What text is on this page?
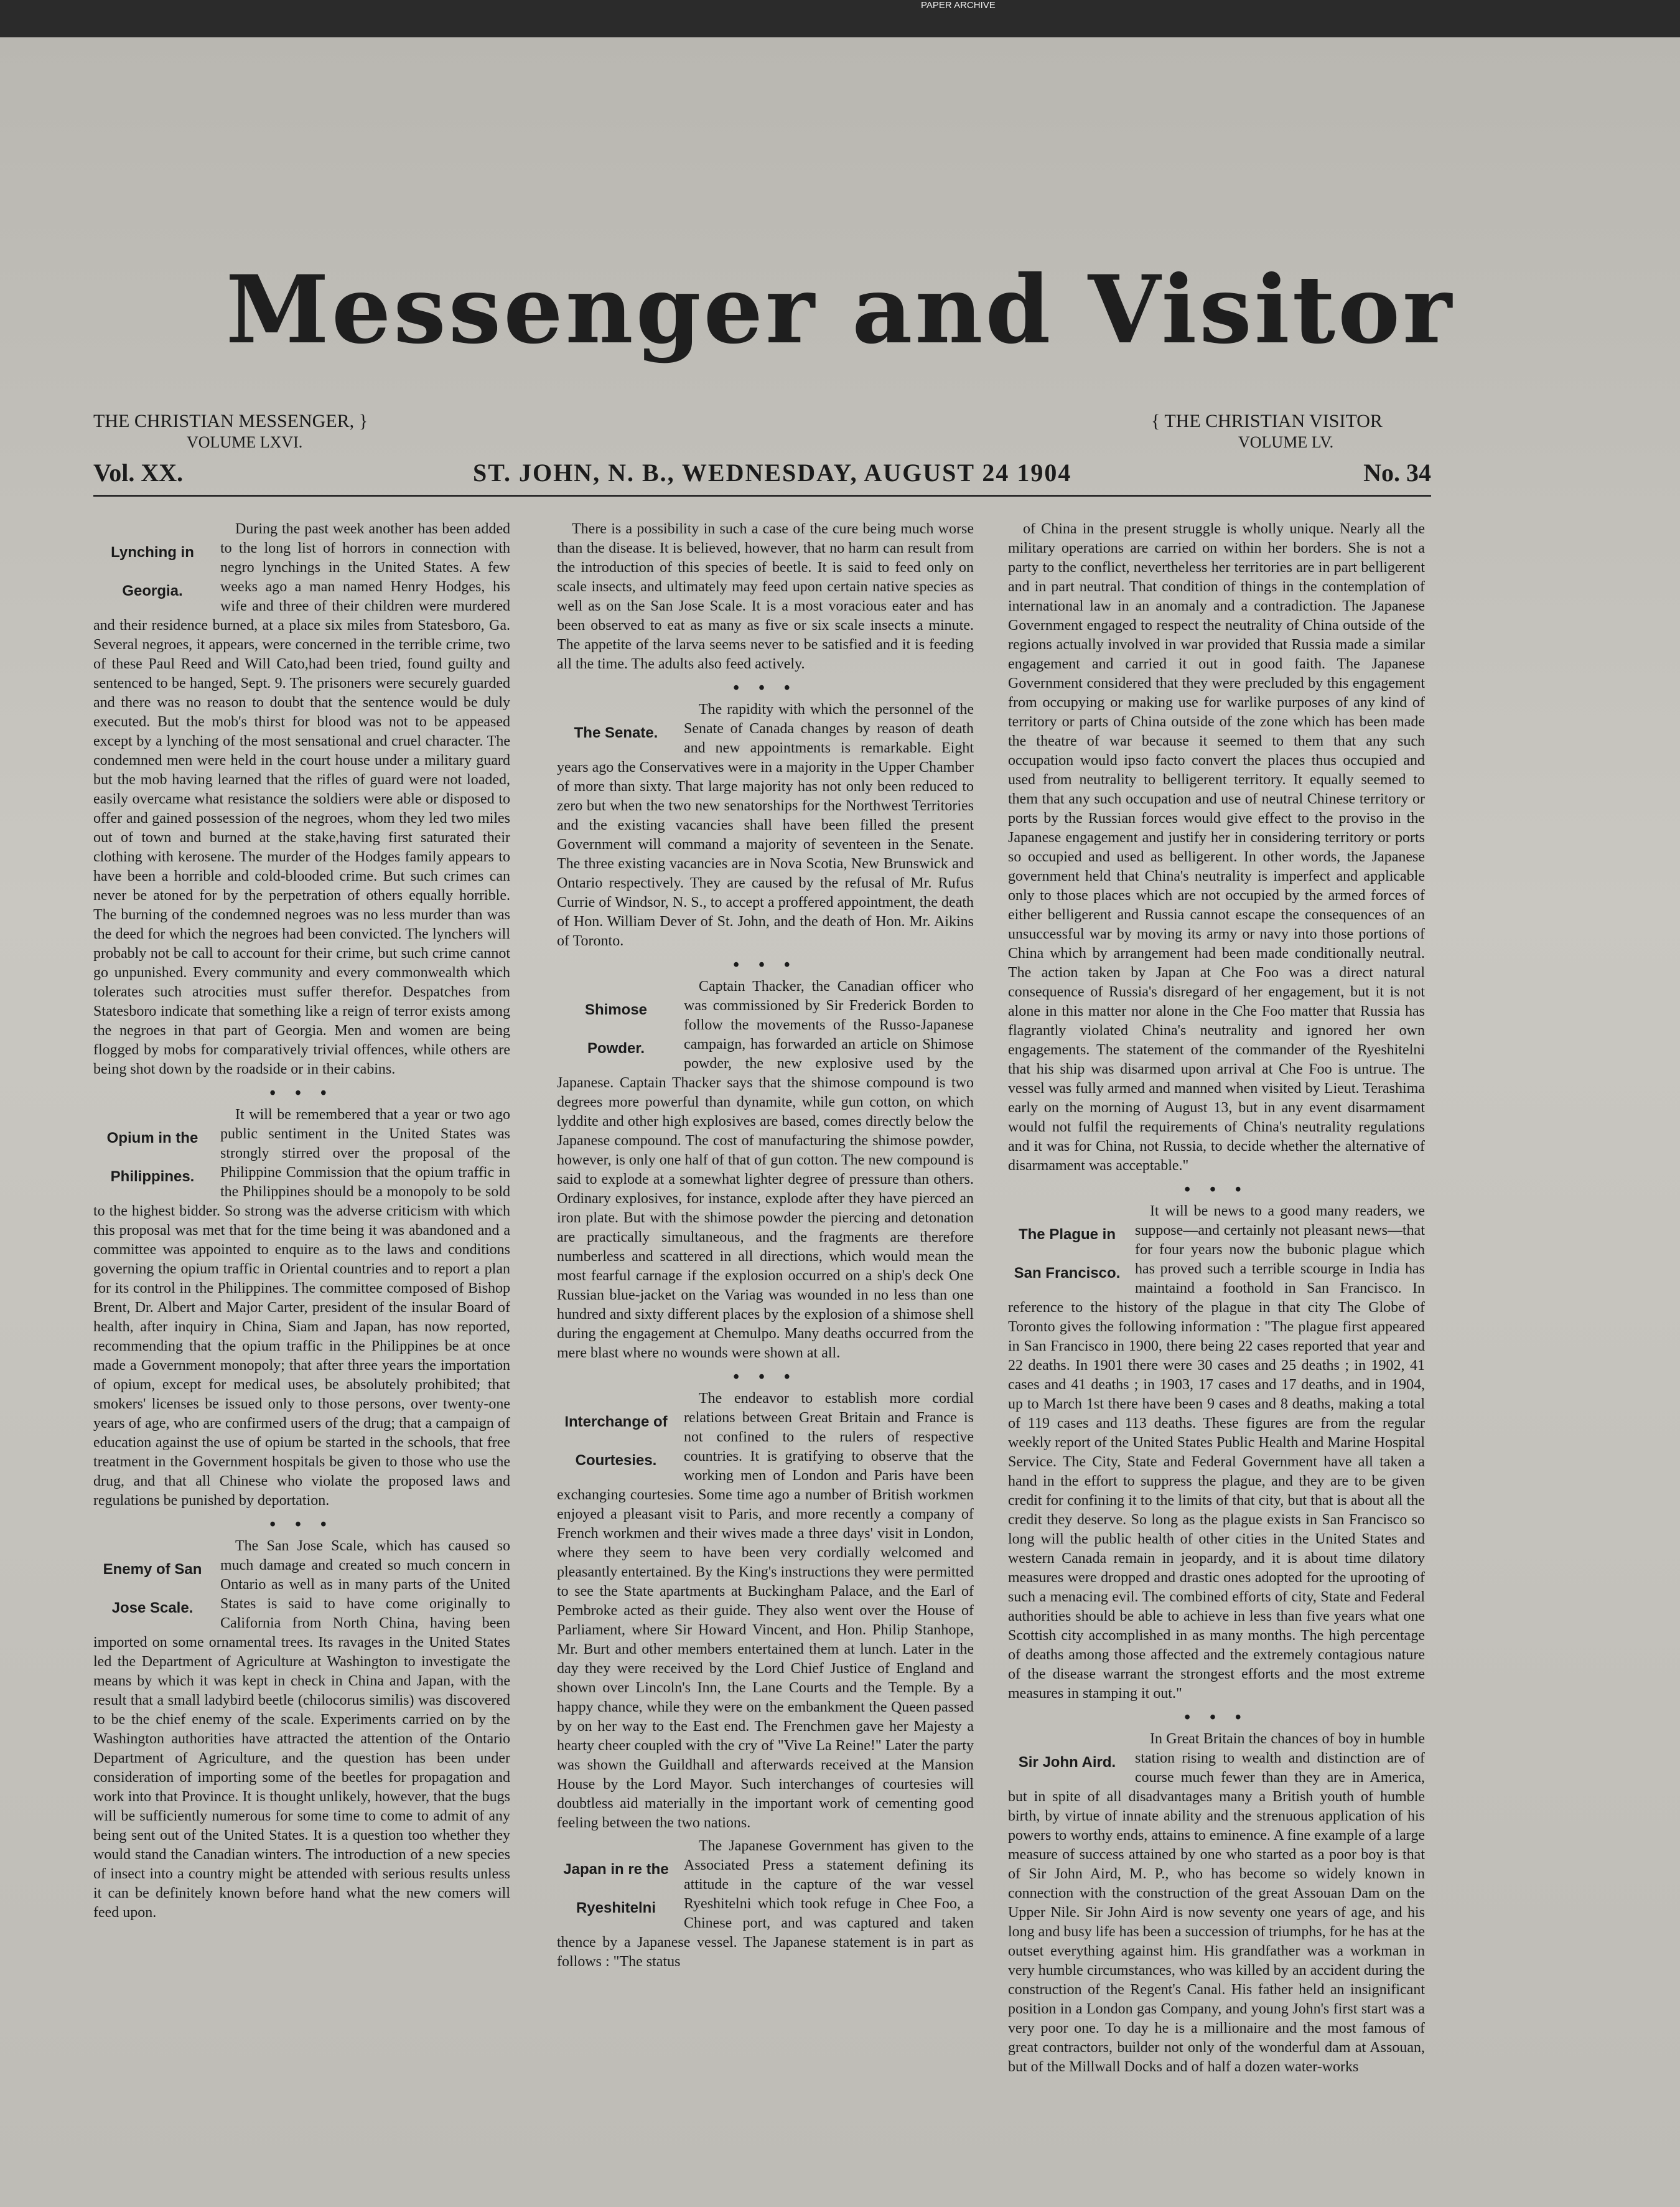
Messenger and Visitor
THE CHRISTIAN MESSENGER, }
VOLUME LXVI.
{ THE CHRISTIAN VISITOR
VOLUME LV.
Vol. XX.	ST. JOHN, N. B., WEDNESDAY, AUGUST 24 1904	No. 34
Lynching in Georgia.

During the past week another has been added to the long list of horrors in connection with negro lynchings in the United States. A few weeks ago a man named Henry Hodges, his wife and three of their children were murdered and their residence burned, at a place six miles from Statesboro, Ga. Several negroes, it appears, were concerned in the terrible crime, two of these Paul Reed and Will Cato,had been tried, found guilty and sentenced to be hanged, Sept. 9. The prisoners were securely guarded and there was no reason to doubt that the sentence would be duly executed. But the mob's thirst for blood was not to be appeased except by a lynching of the most sensational and cruel character. The condemned men were held in the court house under a military guard but the mob having learned that the rifles of guard were not loaded, easily overcame what resistance the soldiers were able or disposed to offer and gained possession of the negroes, whom they led two miles out of town and burned at the stake,having first saturated their clothing with kerosene. The murder of the Hodges family appears to have been a horrible and cold-blooded crime. But such crimes can never be atoned for by the perpetration of others equally horrible. The burning of the condemned negroes was no less murder than was the deed for which the negroes had been convicted. The lynchers will probably not be call to account for their crime, but such crime cannot go unpunished. Every community and every commonwealth which tolerates such atrocities must suffer therefor. Despatches from Statesboro indicate that something like a reign of terror exists among the negroes in that part of Georgia. Men and women are being flogged by mobs for comparatively trivial offences, while others are being shot down by the roadside or in their cabins.

• • •
Opium in the Philippines.

It will be remembered that a year or two ago public sentiment in the United States was strongly stirred over the proposal of the Philippine Commission that the opium traffic in the Philippines should be a monopoly to be sold to the highest bidder. So strong was the adverse criticism with which this proposal was met that for the time being it was abandoned and a committee was appointed to enquire as to the laws and conditions governing the opium traffic in Oriental countries and to report a plan for its control in the Philippines. The committee composed of Bishop Brent, Dr. Albert and Major Carter, president of the insular Board of health, after inquiry in China, Siam and Japan, has now reported, recommending that the opium traffic in the Philippines be at once made a Government monopoly; that after three years the importation of opium, except for medical uses, be absolutely prohibited; that smokers' licenses be issued only to those persons, over twenty-one years of age, who are confirmed users of the drug; that a campaign of education against the use of opium be started in the schools, that free treatment in the Government hospitals be given to those who use the drug, and that all Chinese who violate the proposed laws and regulations be punished by deportation.

• • •
Enemy of San Jose Scale.

The San Jose Scale, which has caused so much damage and created so much concern in Ontario as well as in many parts of the United States is said to have come originally to California from North China, having been imported on some ornamental trees. Its ravages in the United States led the Department of Agriculture at Washington to investigate the means by which it was kept in check in China and Japan, with the result that a small ladybird beetle (chilocorus similis) was discovered to be the chief enemy of the scale. Experiments carried on by the Washington authorities have attracted the attention of the Ontario Department of Agriculture, and the question has been under consideration of importing some of the beetles for propagation and work into that Province. It is thought unlikely, however, that the bugs will be sufficiently numerous for some time to come to admit of any being sent out of the United States. It is a question too whether they would stand the Canadian winters. The introduction of a new species of insect into a country might be attended with serious results unless it can be definitely known before hand what the new comers will feed upon.

There is a possibility in such a case of the cure being much worse than the disease. It is believed, however, that no harm can result from the introduction of this species of beetle. It is said to feed only on scale insects, and ultimately may feed upon certain native species as well as on the San Jose Scale. It is a most voracious eater and has been observed to eat as many as five or six scale insects a minute. The appetite of the larva seems never to be satisfied and it is feeding all the time. The adults also feed actively.

• • •
The Senate.

The rapidity with which the personnel of the Senate of Canada changes by reason of death and new appointments is remarkable. Eight years ago the Conservatives were in a majority in the Upper Chamber of more than sixty. That large majority has not only been reduced to zero but when the two new senatorships for the Northwest Territories and the existing vacancies shall have been filled the present Government will command a majority of seventeen in the Senate. The three existing vacancies are in Nova Scotia, New Brunswick and Ontario respectively. They are caused by the refusal of Mr. Rufus Currie of Windsor, N. S., to accept a proffered appointment, the death of Hon. William Dever of St. John, and the death of Hon. Mr. Aikins of Toronto.

• • •
Shimose Powder.

Captain Thacker, the Canadian officer who was commissioned by Sir Frederick Borden to follow the movements of the Russo-Japanese campaign, has forwarded an article on Shimose powder, the new explosive used by the Japanese. Captain Thacker says that the shimose compound is two degrees more powerful than dynamite, while gun cotton, on which lyddite and other high explosives are based, comes directly below the Japanese compound. The cost of manufacturing the shimose powder, however, is only one half of that of gun cotton. The new compound is said to explode at a somewhat lighter degree of pressure than others. Ordinary explosives, for instance, explode after they have pierced an iron plate. But with the shimose powder the piercing and detonation are practically simultaneous, and the fragments are therefore numberless and scattered in all directions, which would mean the most fearful carnage if the explosion occurred on a ship's deck One Russian blue-jacket on the Variag was wounded in no less than one hundred and sixty different places by the explosion of a shimose shell during the engagement at Chemulpo. Many deaths occurred from the mere blast where no wounds were shown at all.

• • •
Interchange of Courtesies.

The endeavor to establish more cordial relations between Great Britain and France is not confined to the rulers of respective countries. It is gratifying to observe that the working men of London and Paris have been exchanging courtesies. Some time ago a number of British workmen enjoyed a pleasant visit to Paris, and more recently a company of French workmen and their wives made a three days' visit in London, where they seem to have been very cordially welcomed and pleasantly entertained. By the King's instructions they were permitted to see the State apartments at Buckingham Palace, and the Earl of Pembroke acted as their guide. They also went over the House of Parliament, where Sir Howard Vincent, and Hon. Philip Stanhope, Mr. Burt and other members entertained them at lunch. Later in the day they were received by the Lord Chief Justice of England and shown over Lincoln's Inn, the Lane Courts and the Temple. By a happy chance, while they were on the embankment the Queen passed by on her way to the East end. The Frenchmen gave her Majesty a hearty cheer coupled with the cry of "Vive La Reine!" Later the party was shown the Guildhall and afterwards received at the Mansion House by the Lord Mayor. Such interchanges of courtesies will doubtless aid materially in the important work of cementing good feeling between the two nations.

Japan in re the Ryeshitelni

The Japanese Government has given to the Associated Press a statement defining its attitude in the capture of the war vessel Ryeshitelni which took refuge in Chee Foo, a Chinese port, and was captured and taken thence by a Japanese vessel. The Japanese statement is in part as follows : "The status

of China in the present struggle is wholly unique. Nearly all the military operations are carried on within her borders. She is not a party to the conflict, nevertheless her territories are in part belligerent and in part neutral. That condition of things in the contemplation of international law in an anomaly and a contradiction. The Japanese Government engaged to respect the neutrality of China outside of the regions actually involved in war provided that Russia made a similar engagement and carried it out in good faith. The Japanese Government considered that they were precluded by this engagement from occupying or making use for warlike purposes of any kind of territory or parts of China outside of the zone which has been made the theatre of war because it seemed to them that any such occupation would ipso facto convert the places thus occupied and used from neutrality to belligerent territory. It equally seemed to them that any such occupation and use of neutral Chinese territory or ports by the Russian forces would give effect to the proviso in the Japanese engagement and justify her in considering territory or ports so occupied and used as belligerent. In other words, the Japanese government held that China's neutrality is imperfect and applicable only to those places which are not occupied by the armed forces of either belligerent and Russia cannot escape the consequences of an unsuccessful war by moving its army or navy into those portions of China which by arrangement had been made conditionally neutral. The action taken by Japan at Che Foo was a direct natural consequence of Russia's disregard of her engagement, but it is not alone in this matter nor alone in the Che Foo matter that Russia has flagrantly violated China's neutrality and ignored her own engagements. The statement of the commander of the Ryeshitelni that his ship was disarmed upon arrival at Che Foo is untrue. The vessel was fully armed and manned when visited by Lieut. Terashima early on the morning of August 13, but in any event disarmament would not fulfil the requirements of China's neutrality regulations and it was for China, not Russia, to decide whether the alternative of disarmament was acceptable."

• • •
The Plague in San Francisco.

It will be news to a good many readers, we suppose—and certainly not pleasant news—that for four years now the bubonic plague which has proved such a terrible scourge in India has maintaind a foothold in San Francisco. In reference to the history of the plague in that city The Globe of Toronto gives the following information : "The plague first appeared in San Francisco in 1900, there being 22 cases reported that year and 22 deaths. In 1901 there were 30 cases and 25 deaths ; in 1902, 41 cases and 41 deaths ; in 1903, 17 cases and 17 deaths, and in 1904, up to March 1st there have been 9 cases and 8 deaths, making a total of 119 cases and 113 deaths. These figures are from the regular weekly report of the United States Public Health and Marine Hospital Service. The City, State and Federal Government have all taken a hand in the effort to suppress the plague, and they are to be given credit for confining it to the limits of that city, but that is about all the credit they deserve. So long as the plague exists in San Francisco so long will the public health of other cities in the United States and western Canada remain in jeopardy, and it is about time dilatory measures were dropped and drastic ones adopted for the uprooting of such a menacing evil. The combined efforts of city, State and Federal authorities should be able to achieve in less than five years what one Scottish city accomplished in as many months. The high percentage of deaths among those affected and the extremely contagious nature of the disease warrant the strongest efforts and the most extreme measures in stamping it out."

• • •
Sir John Aird.

In Great Britain the chances of boy in humble station rising to wealth and distinction are of course much fewer than they are in America, but in spite of all disadvantages many a British youth of humble birth, by virtue of innate ability and the strenuous application of his powers to worthy ends, attains to eminence. A fine example of a large measure of success attained by one who started as a poor boy is that of Sir John Aird, M. P., who has become so widely known in connection with the construction of the great Assouan Dam on the Upper Nile. Sir John Aird is now seventy one years of age, and his long and busy life has been a succession of triumphs, for he has at the outset everything against him. His grandfather was a workman in very humble circumstances, who was killed by an accident during the construction of the Regent's Canal. His father held an insignificant position in a London gas Company, and young John's first start was a very poor one. To day he is a millionaire and the most famous of great contractors, builder not only of the wonderful dam at Assouan, but of the Millwall Docks and of half a dozen water-works

PAPER ARCHIVE
